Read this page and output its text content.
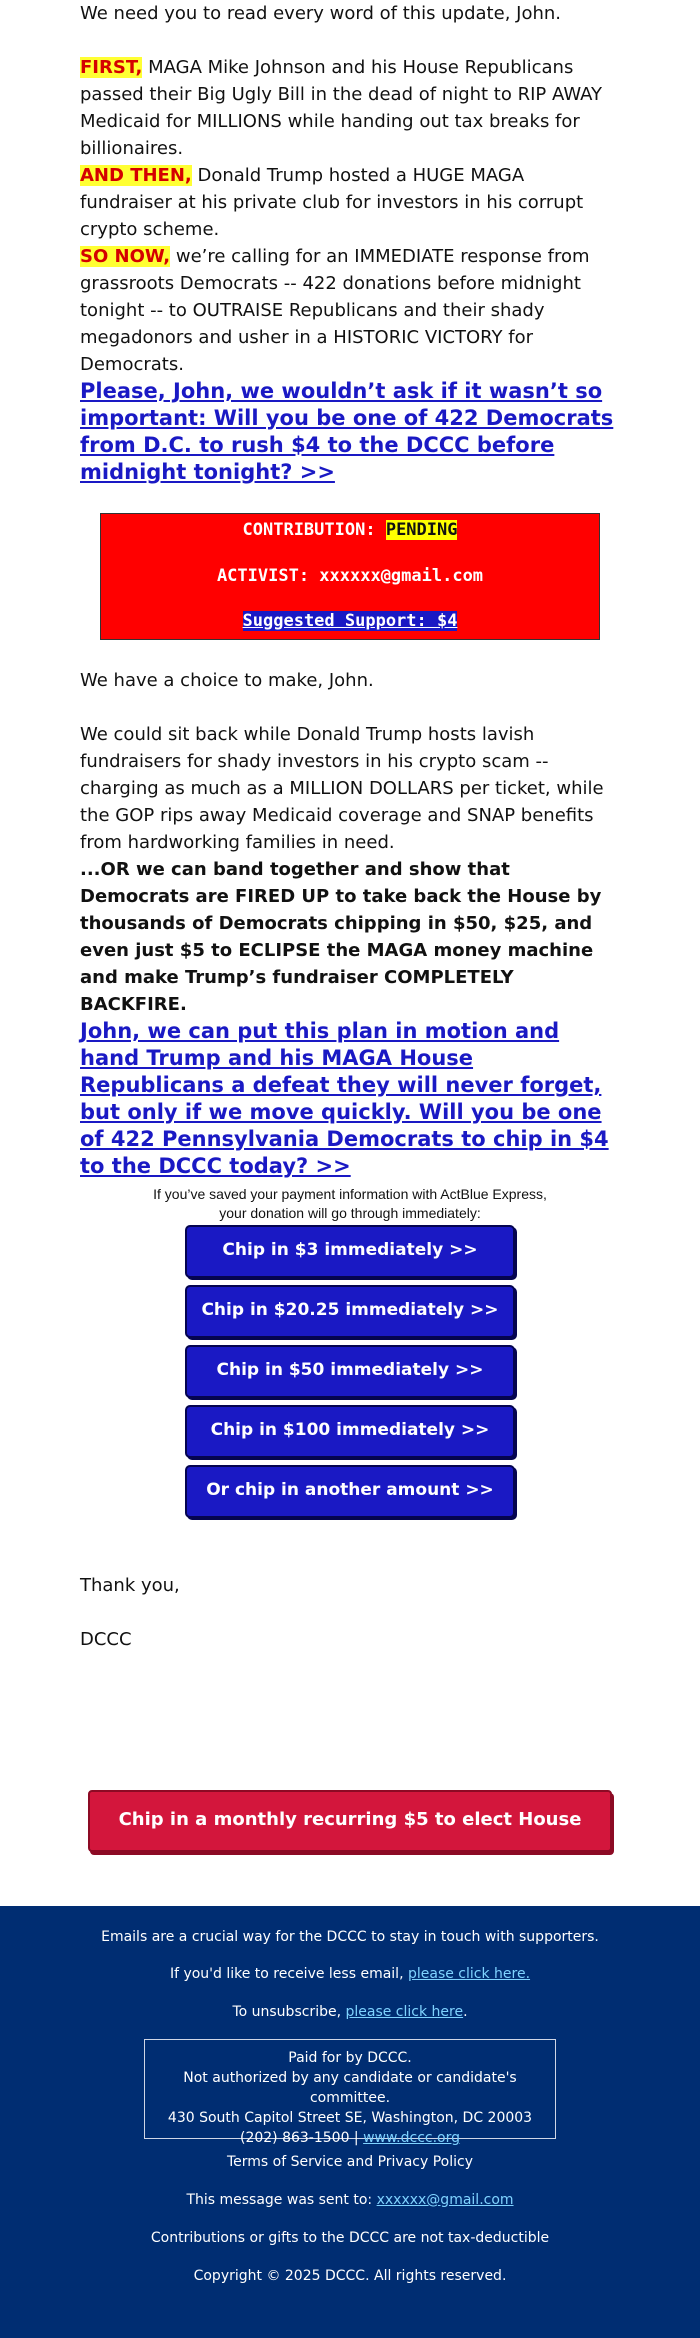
We need you to read every word of this update, John.

FIRST, MAGA Mike Johnson and his House Republicans passed their Big Ugly Bill in the dead of night to RIP AWAY Medicaid for MILLIONS while handing out tax breaks for billionaires.

AND THEN, Donald Trump hosted a HUGE MAGA fundraiser at his private club for investors in his corrupt crypto scheme.

SO NOW, we’re calling for an IMMEDIATE response from grassroots Democrats -- 422 donations before midnight tonight -- to OUTRAISE Republicans and their shady megadonors and usher in a HISTORIC VICTORY for Democrats.

Please, John, we wouldn’t ask if it wasn’t so important: Will you be one of 422 Democrats from D.C. to rush $4 to the DCCC before midnight tonight? >>

We have a choice to make, John.

We could sit back while Donald Trump hosts lavish fundraisers for shady investors in his crypto scam -- charging as much as a MILLION DOLLARS per ticket, while the GOP rips away Medicaid coverage and SNAP benefits from hardworking families in need.

...OR we can band together and show that Democrats are FIRED UP to take back the House by thousands of Democrats chipping in $50, $25, and even just $5 to ECLIPSE the MAGA money machine and make Trump’s fundraiser COMPLETELY BACKFIRE.

John, we can put this plan in motion and hand Trump and his MAGA House Republicans a defeat they will never forget, but only if we move quickly. Will you be one of 422 Pennsylvania Democrats to chip in $4 to the DCCC today? >>

Thank you,

DCCC

CONTRIBUTION: PENDING
ACTIVIST: xxxxxx@gmail.com
Suggested Support: $4
If you’ve saved your payment information with ActBlue Express,
your donation will go through immediately:
Chip in $3 immediately >>
Chip in $20.25 immediately >>
Chip in $50 immediately >>
Chip in $100 immediately >>
Or chip in another amount >>
Chip in a monthly recurring $5 to elect House Dems >>
Emails are a crucial way for the DCCC to stay in touch with supporters.
If you'd like to receive less email, please click here.
To unsubscribe, please click here.
Paid for by DCCC.
Not authorized by any candidate or candidate's committee.
430 South Capitol Street SE, Washington, DC 20003
(202) 863-1500 | www.dccc.org
Terms of Service and Privacy Policy
This message was sent to: xxxxxx@gmail.com
Contributions or gifts to the DCCC are not tax-deductible
Copyright © 2025 DCCC. All rights reserved.
